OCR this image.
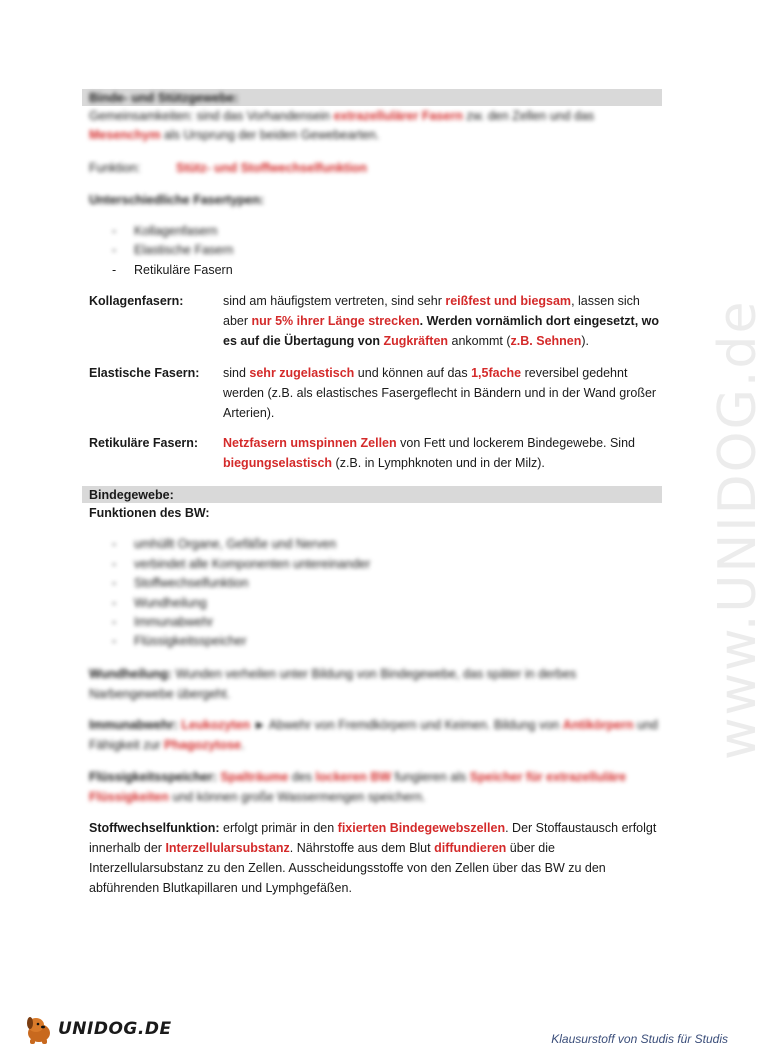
Binde- und Stützgewebe:
Gemeinsamkeiten: sind das Vorhandensein extrazellulärer Fasern zw. den Zellen und das
Mesenchym als Ursprung der beiden Gewebearten.
Funktion:	Stütz- und Stoffwechselfunktion
Unterschiedliche Fasertypen:
- Kollagenfasern
- Elastische Fasern
- Retikuläre Fasern
Kollagenfasern:	sind am häufigstem vertreten, sind sehr reißfest und biegsam, lassen sich aber nur 5% ihrer Länge strecken. Werden vornämlich dort eingesetzt, wo es auf die Übertagung von Zugkräften ankommt (z.B. Sehnen).
Elastische Fasern: sind sehr zugelastisch und können auf das 1,5fache reversibel gedehnt werden (z.B. als elastisches Fasergeflecht in Bändern und in der Wand großer Arterien).
Retikuläre Fasern: Netzfasern umspinnen Zellen von Fett und lockerem Bindegewebe. Sind biegungselastisch (z.B. in Lymphknoten und in der Milz).
Bindegewebe:
Funktionen des BW:
- umhüllt Organe, Gefäße und Nerven
- verbindet alle Komponenten untereinander
- Stoffwechselfunktion
- Wundheilung
- Immunabwehr
- Flüssigkeitsspeicher
Wundheilung: Wunden verheilen unter Bildung von Bindegewebe, das später in derbes Narbengewebe übergeht.
Immunabwehr: Leukozyten ► Abwehr von Fremdkörpern und Keimen. Bildung von Antikörpern und Fähigkeit zur Phagozytose.
Flüssigkeitsspeicher: Spalträume des lockeren BW fungieren als Speicher für extrazelluläre Flüssigkeiten und können große Wassermengen speichern.
Stoffwechselfunktion: erfolgt primär in den fixierten Bindegewebszellen. Der Stoffaustausch erfolgt innerhalb der Interzellularsubstanz. Nährstoffe aus dem Blut diffundieren über die Interzellularsubstanz zu den Zellen. Ausscheidungsstoffe von den Zellen über das BW zu den abführenden Blutkapillaren und Lymphgefäßen.
www.UNIDOG.de
UNIDOG.DE	Klausurstoff von Studis für Studis
